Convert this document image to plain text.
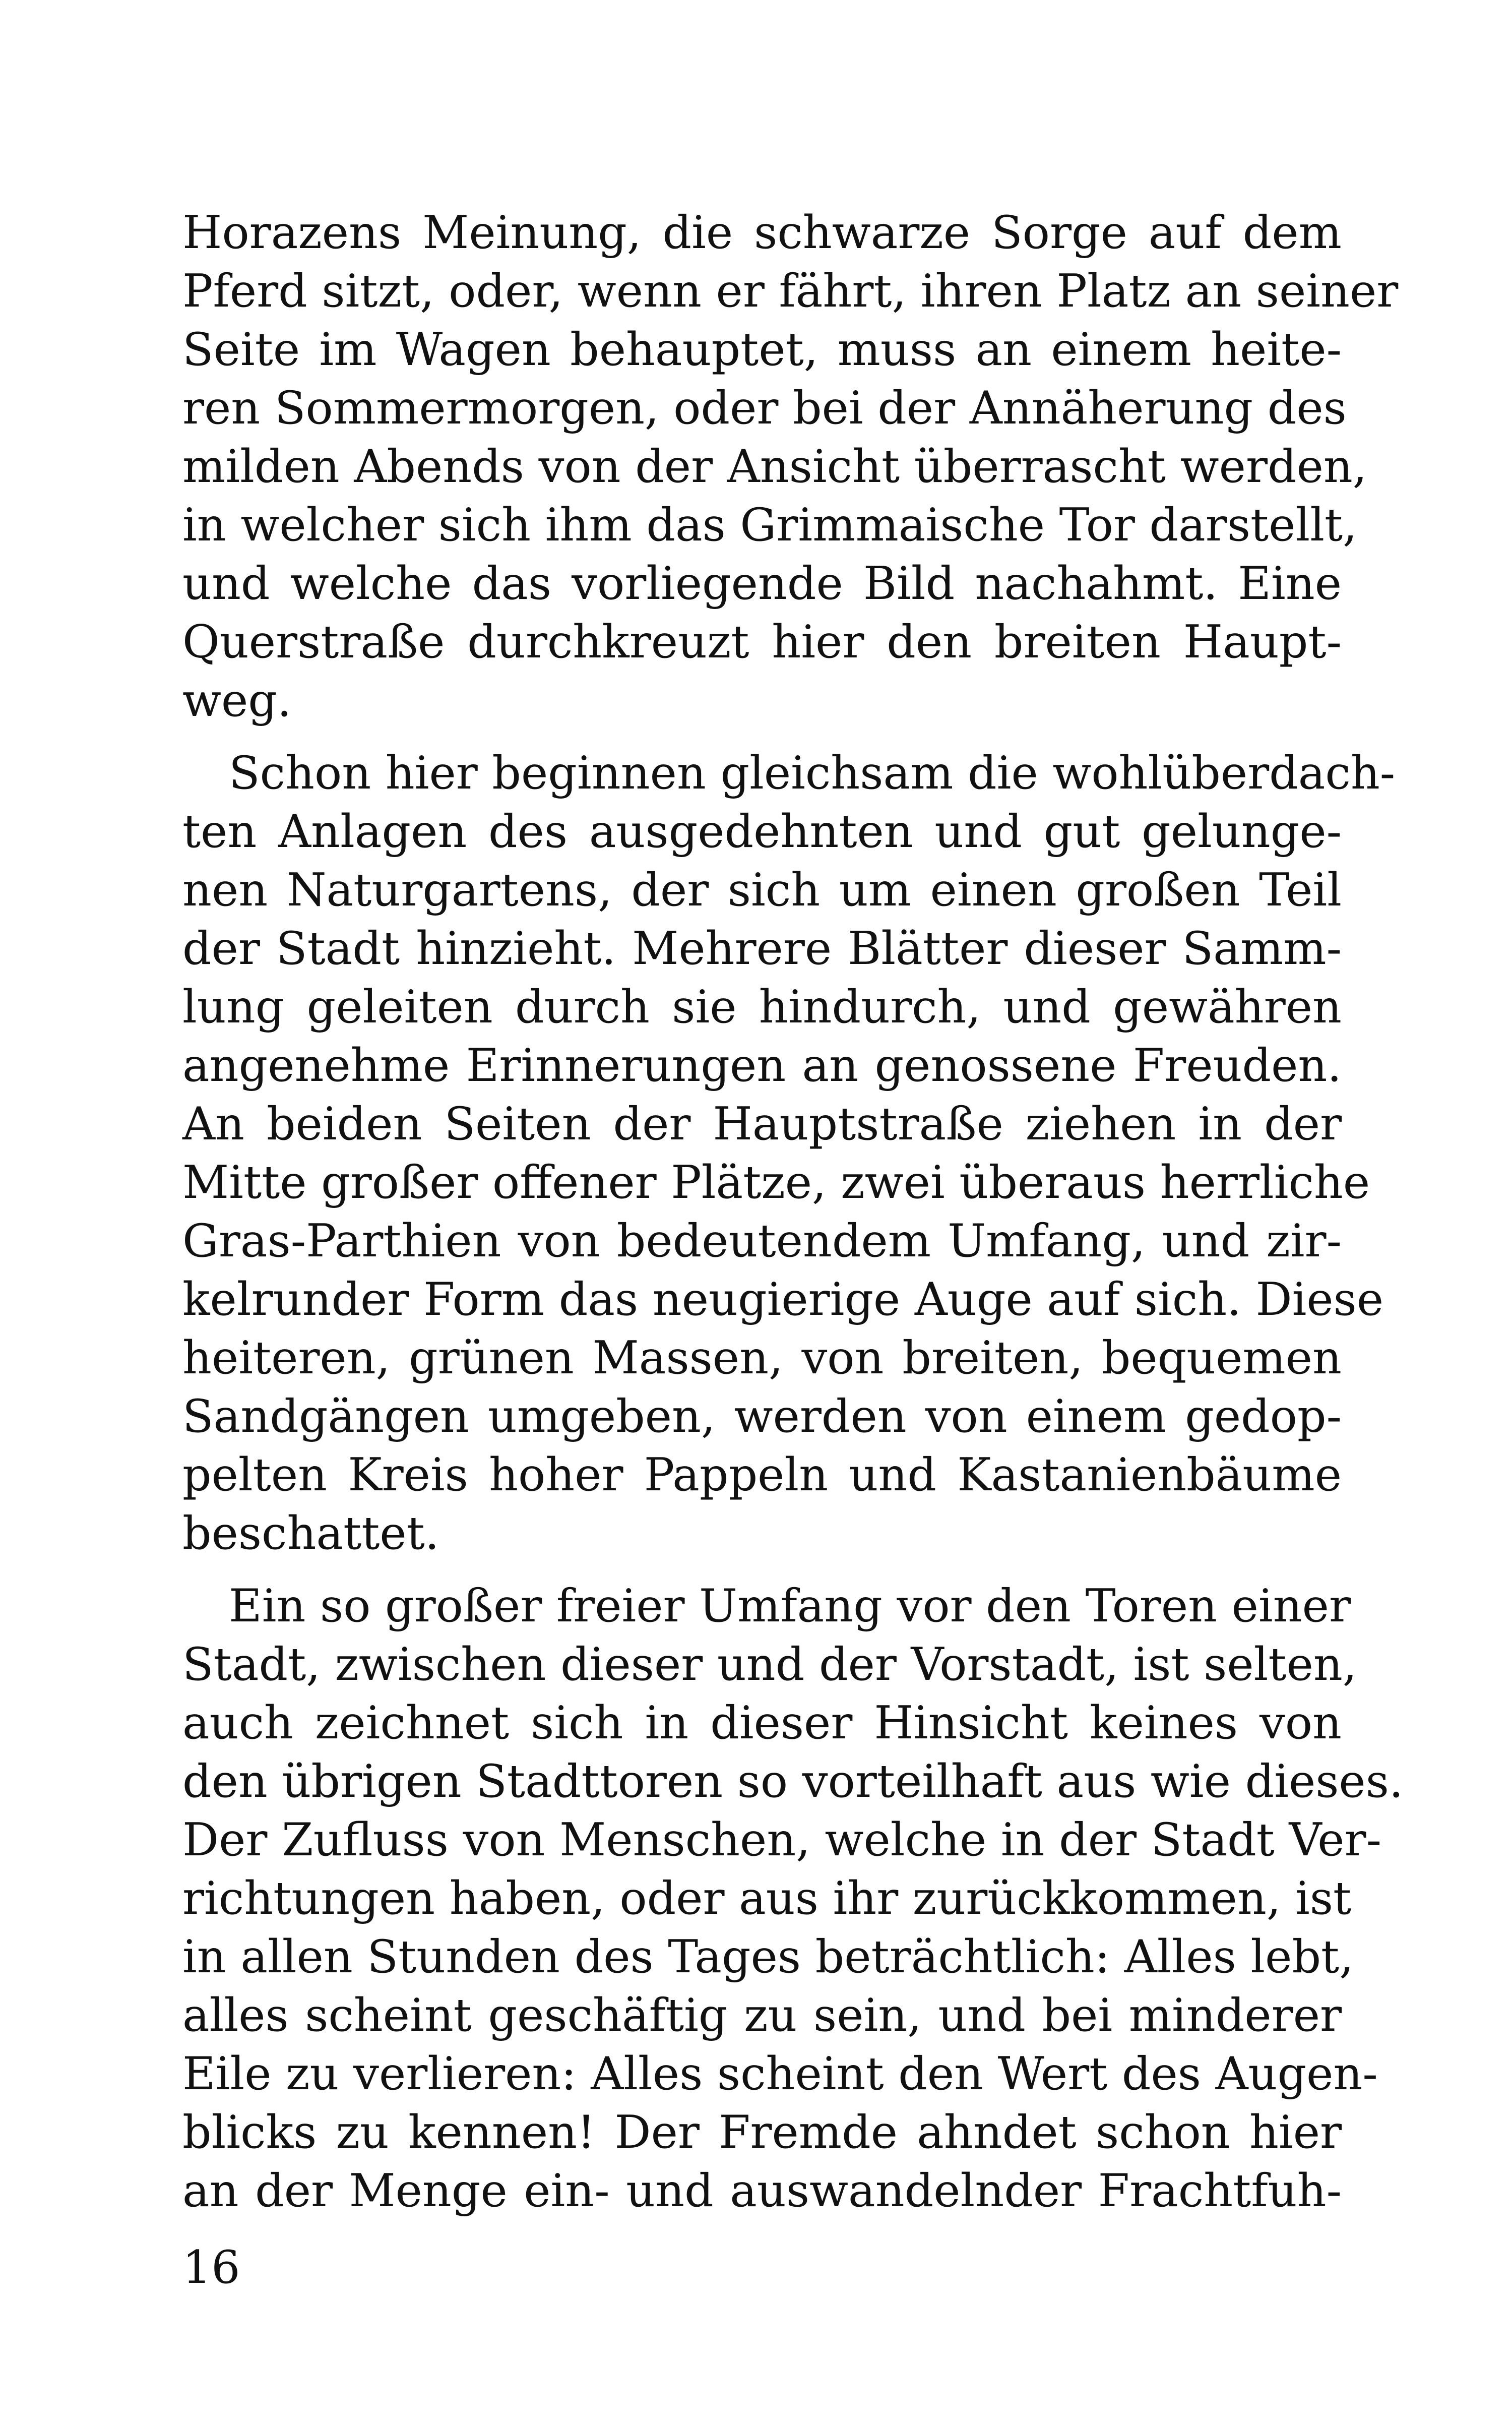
Horazens Meinung, die schwarze Sorge auf dem
Pferd sitzt, oder, wenn er fährt, ihren Platz an seiner
Seite im Wagen behauptet, muss an einem heite-
ren Sommermorgen, oder bei der Annäherung des
milden Abends von der Ansicht überrascht werden,
in welcher sich ihm das Grimmaische Tor darstellt,
und welche das vorliegende Bild nachahmt. Eine
Querstraße durchkreuzt hier den breiten Haupt-
weg.
Schon hier beginnen gleichsam die wohlüberdach-
ten Anlagen des ausgedehnten und gut gelunge-
nen Naturgartens, der sich um einen großen Teil
der Stadt hinzieht. Mehrere Blätter dieser Samm-
lung geleiten durch sie hindurch, und gewähren
angenehme Erinnerungen an genossene Freuden.
An beiden Seiten der Hauptstraße ziehen in der
Mitte großer offener Plätze, zwei überaus herrliche
Gras-Parthien von bedeutendem Umfang, und zir-
kelrunder Form das neugierige Auge auf sich. Diese
heiteren, grünen Massen, von breiten, bequemen
Sandgängen umgeben, werden von einem gedop-
pelten Kreis hoher Pappeln und Kastanienbäume
beschattet.
Ein so großer freier Umfang vor den Toren einer
Stadt, zwischen dieser und der Vorstadt, ist selten,
auch zeichnet sich in dieser Hinsicht keines von
den übrigen Stadttoren so vorteilhaft aus wie dieses.
Der Zufluss von Menschen, welche in der Stadt Ver-
richtungen haben, oder aus ihr zurückkommen, ist
in allen Stunden des Tages beträchtlich: Alles lebt,
alles scheint geschäftig zu sein, und bei minderer
Eile zu verlieren: Alles scheint den Wert des Augen-
blicks zu kennen! Der Fremde ahndet schon hier
an der Menge ein- und auswandelnder Frachtfuh-
16
